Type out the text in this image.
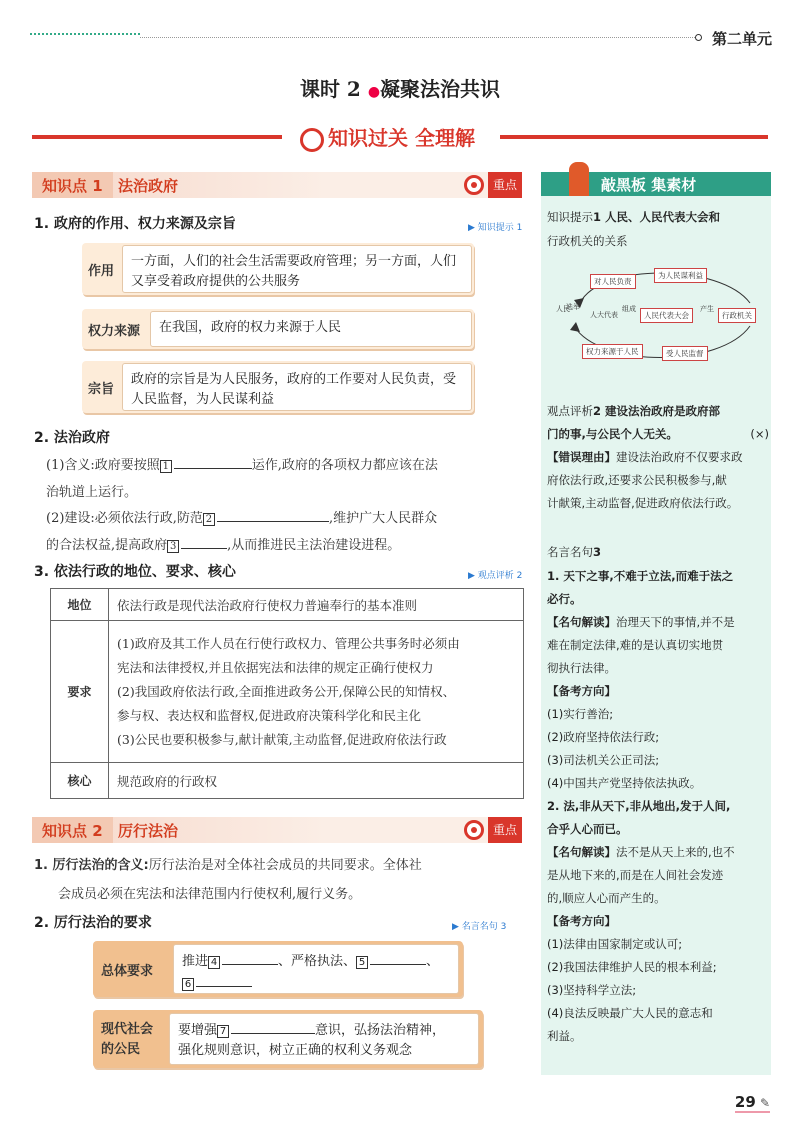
第二单元
课时 2 ●凝聚法治共识
知识过关 全理解
知识点 1	法治政府	重点
1. 政府的作用、权力来源及宗旨	▶ 知识提示 1
作用
一方面，人们的社会生活需要政府管理；另一方面，人们又享受着政府提供的公共服务
权力来源	在我国，政府的权力来源于人民
宗旨
政府的宗旨是为人民服务，政府的工作要对人民负责，受人民监督，为人民谋利益
2. 法治政府
(1)含义:政府要按照 1	运作,政府的各项权力都应该在法
治轨道上运行。
(2)建设:必须依法行政,防范 2	,维护广大人民群众
的合法权益,提高政府 3	,从而推进民主法治建设进程。
3. 依法行政的地位、要求、核心	▶ 观点评析 2
地位	依法行政是现代法治政府行使权力普遍奉行的基本准则
要求	(1)政府及其工作人员在行使行政权力、管理公共事务时必须由
宪法和法律授权,并且依据宪法和法律的规定正确行使权力
(2)我国政府依法行政,全面推进政务公开,保障公民的知情权、
参与权、表达权和监督权,促进政府决策科学化和民主化
(3)公民也要积极参与,献计献策,主动监督,促进政府依法行政

核心	规范政府的行政权
知识点 2	厉行法治	重点
1. 厉行法治的含义:厉行法治是对全体社会成员的共同要求。全体社
会成员必须在宪法和法律范围内行使权利,履行义务。
2. 厉行法治的要求	▶ 名言名句 3
总体要求
推进 4	、严格执法、 5	、
6
现代社会
的公民
要增强 7	意识，弘扬法治精神，
强化规则意识，树立正确的权利义务观念
敲黑板 集素材
知识提示1 人民、人民代表大会和
行政机关的关系
对人民负责
为人民谋利益
人民
选举
人大代表
组成
人民代表大会
产生
行政机关
权力来源于人民	受人民监督
观点评析2 建设法治政府是政府部
门的事,与公民个人无关。	(×)
【错误理由】建设法治政府不仅要求政
府依法行政,还要求公民积极参与,献
计献策,主动监督,促进政府依法行政。
名言名句3
1. 天下之事,不难于立法,而难于法之
必行。
【名句解读】治理天下的事情,并不是
难在制定法律,难的是认真切实地贯
彻执行法律。
【备考方向】
(1)实行善治;
(2)政府坚持依法行政;
(3)司法机关公正司法;
(4)中国共产党坚持依法执政。
2. 法,非从天下,非从地出,发于人间,
合乎人心而已。
【名句解读】法不是从天上来的,也不
是从地下来的,而是在人间社会发迹
的,顺应人心而产生的。
【备考方向】
(1)法律由国家制定或认可;
(2)我国法律维护人民的根本利益;
(3)坚持科学立法;
(4)良法反映最广大人民的意志和
利益。
29 ✎
